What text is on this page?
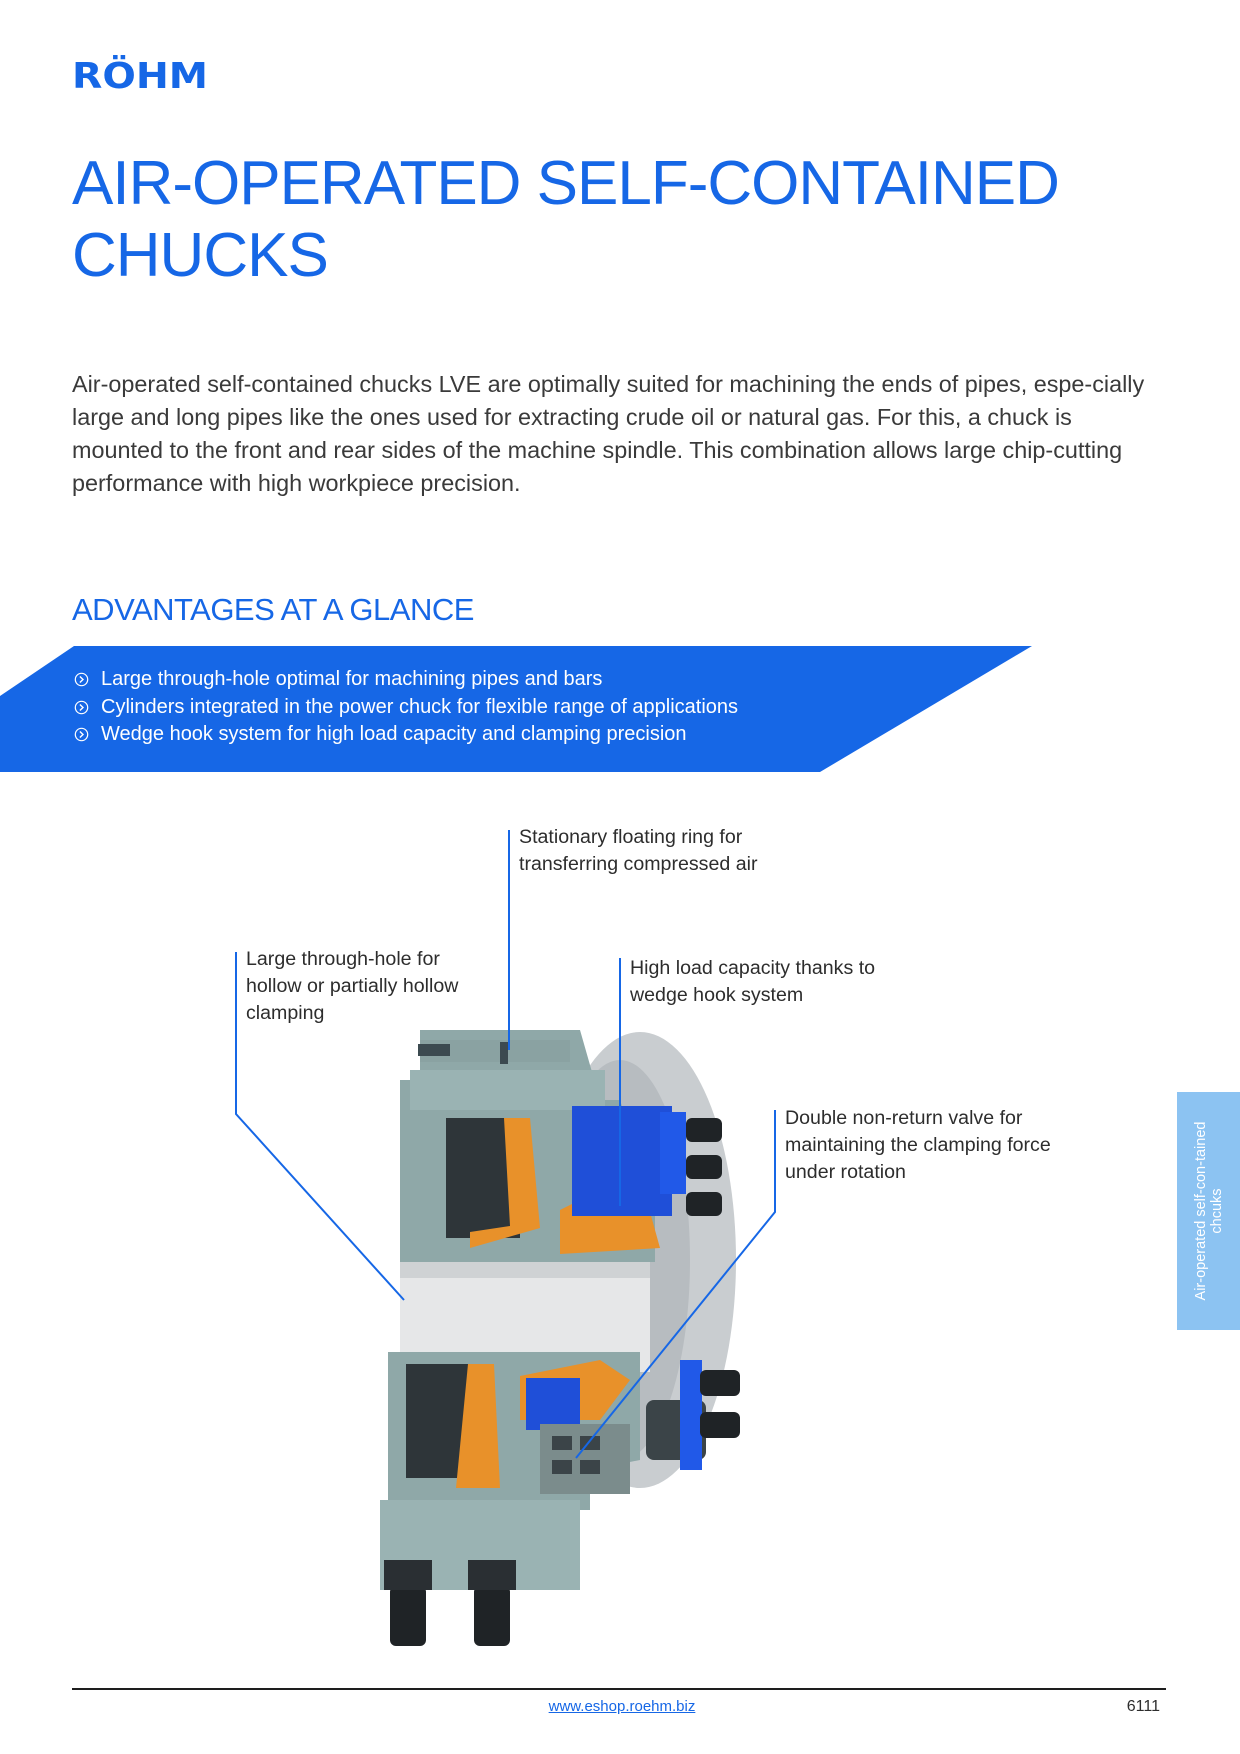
RÖHM
AIR-OPERATED SELF-CONTAINED
CHUCKS

Air-operated self-contained chucks LVE are optimally suited for machining the ends of pipes, espe-cially large and long pipes like the ones used for extracting crude oil or natural gas. For this, a chuck is mounted to the front and rear sides of the machine spindle. This combination allows large chip-cutting performance with high workpiece precision.

ADVANTAGES AT A GLANCE
Large through-hole optimal for machining pipes and bars
Cylinders integrated in the power chuck for flexible range of applications
Wedge hook system for high load capacity and clamping precision

Stationary floating ring for transferring compressed air

Large through-hole for hollow or partially hollow clamping

High load capacity thanks to wedge hook system

Double non-return valve for maintaining the clamping force under rotation	Air-operated self-con-tained chcuks
www.eshop.roehm.biz	6111
